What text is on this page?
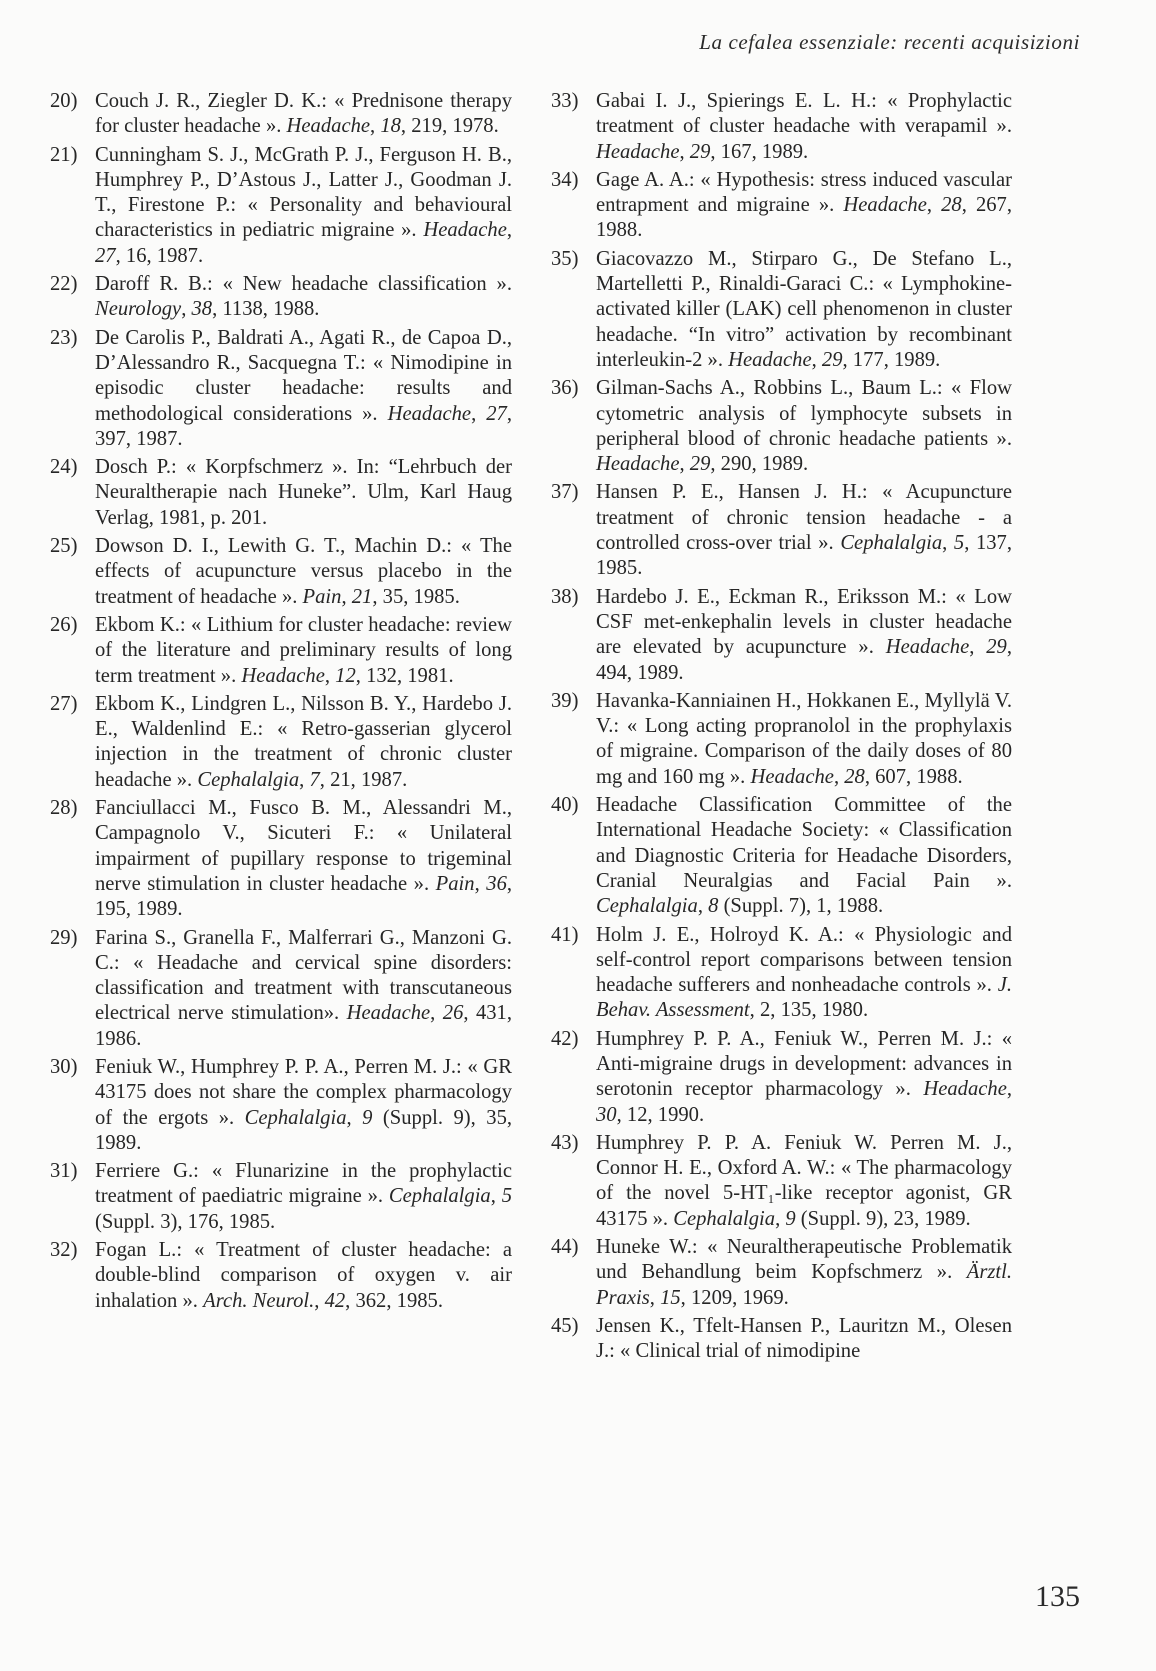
La cefalea essenziale: recenti acquisizioni
20) Couch J. R., Ziegler D. K.: « Prednisone therapy for cluster headache ». Headache, 18, 219, 1978.
21) Cunningham S. J., McGrath P. J., Ferguson H. B., Humphrey P., D’Astous J., Latter J., Goodman J. T., Firestone P.: « Personality and behavioural characteristics in pediatric migraine ». Headache, 27, 16, 1987.
22) Daroff R. B.: « New headache classification ». Neurology, 38, 1138, 1988.
23) De Carolis P., Baldrati A., Agati R., de Capoa D., D’Alessandro R., Sacquegna T.: « Nimodipine in episodic cluster headache: results and methodological considerations ». Headache, 27, 397, 1987.
24) Dosch P.: « Korpfschmerz ». In: “Lehrbuch der Neuraltherapie nach Huneke”. Ulm, Karl Haug Verlag, 1981, p. 201.
25) Dowson D. I., Lewith G. T., Machin D.: « The effects of acupuncture versus placebo in the treatment of headache ». Pain, 21, 35, 1985.
26) Ekbom K.: « Lithium for cluster headache: review of the literature and preliminary results of long term treatment ». Headache, 12, 132, 1981.
27) Ekbom K., Lindgren L., Nilsson B. Y., Hardebo J. E., Waldenlind E.: « Retro-gasserian glycerol injection in the treatment of chronic cluster headache ». Cephalalgia, 7, 21, 1987.
28) Fanciullacci M., Fusco B. M., Alessandri M., Campagnolo V., Sicuteri F.: « Unilateral impairment of pupillary response to trigeminal nerve stimulation in cluster headache ». Pain, 36, 195, 1989.
29) Farina S., Granella F., Malferrari G., Manzoni G. C.: « Headache and cervical spine disorders: classification and treatment with transcutaneous electrical nerve stimulation». Headache, 26, 431, 1986.
30) Feniuk W., Humphrey P. P. A., Perren M. J.: « GR 43175 does not share the complex pharmacology of the ergots ». Cephalalgia, 9 (Suppl. 9), 35, 1989.
31) Ferriere G.: « Flunarizine in the prophylactic treatment of paediatric migraine ». Cephalalgia, 5 (Suppl. 3), 176, 1985.
32) Fogan L.: « Treatment of cluster headache: a double-blind comparison of oxygen v. air inhalation ». Arch. Neurol., 42, 362, 1985.
33) Gabai I. J., Spierings E. L. H.: « Prophylactic treatment of cluster headache with verapamil ». Headache, 29, 167, 1989.
34) Gage A. A.: « Hypothesis: stress induced vascular entrapment and migraine ». Headache, 28, 267, 1988.
35) Giacovazzo M., Stirparo G., De Stefano L., Martelletti P., Rinaldi-Garaci C.: « Lymphokine-activated killer (LAK) cell phenomenon in cluster headache. “In vitro” activation by recombinant interleukin-2 ». Headache, 29, 177, 1989.
36) Gilman-Sachs A., Robbins L., Baum L.: « Flow cytometric analysis of lymphocyte subsets in peripheral blood of chronic headache patients ». Headache, 29, 290, 1989.
37) Hansen P. E., Hansen J. H.: « Acupuncture treatment of chronic tension headache - a controlled cross-over trial ». Cephalalgia, 5, 137, 1985.
38) Hardebo J. E., Eckman R., Eriksson M.: « Low CSF met-enkephalin levels in cluster headache are elevated by acupuncture ». Headache, 29, 494, 1989.
39) Havanka-Kanniainen H., Hokkanen E., Myllylä V. V.: « Long acting propranolol in the prophylaxis of migraine. Comparison of the daily doses of 80 mg and 160 mg ». Headache, 28, 607, 1988.
40) Headache Classification Committee of the International Headache Society: « Classification and Diagnostic Criteria for Headache Disorders, Cranial Neuralgias and Facial Pain ». Cephalalgia, 8 (Suppl. 7), 1, 1988.
41) Holm J. E., Holroyd K. A.: « Physiologic and self-control report comparisons between tension headache sufferers and nonheadache controls ». J. Behav. Assessment, 2, 135, 1980.
42) Humphrey P. P. A., Feniuk W., Perren M. J.: « Anti-migraine drugs in development: advances in serotonin receptor pharmacology ». Headache, 30, 12, 1990.
43) Humphrey P. P. A. Feniuk W. Perren M. J., Connor H. E., Oxford A. W.: « The pharmacology of the novel 5-HT₁-like receptor agonist, GR 43175 ». Cephalalgia, 9 (Suppl. 9), 23, 1989.
44) Huneke W.: « Neuraltherapeutische Problematik und Behandlung beim Kopfschmerz ». Ärztl. Praxis, 15, 1209, 1969.
45) Jensen K., Tfelt-Hansen P., Lauritzn M., Olesen J.: « Clinical trial of nimodipine
135
